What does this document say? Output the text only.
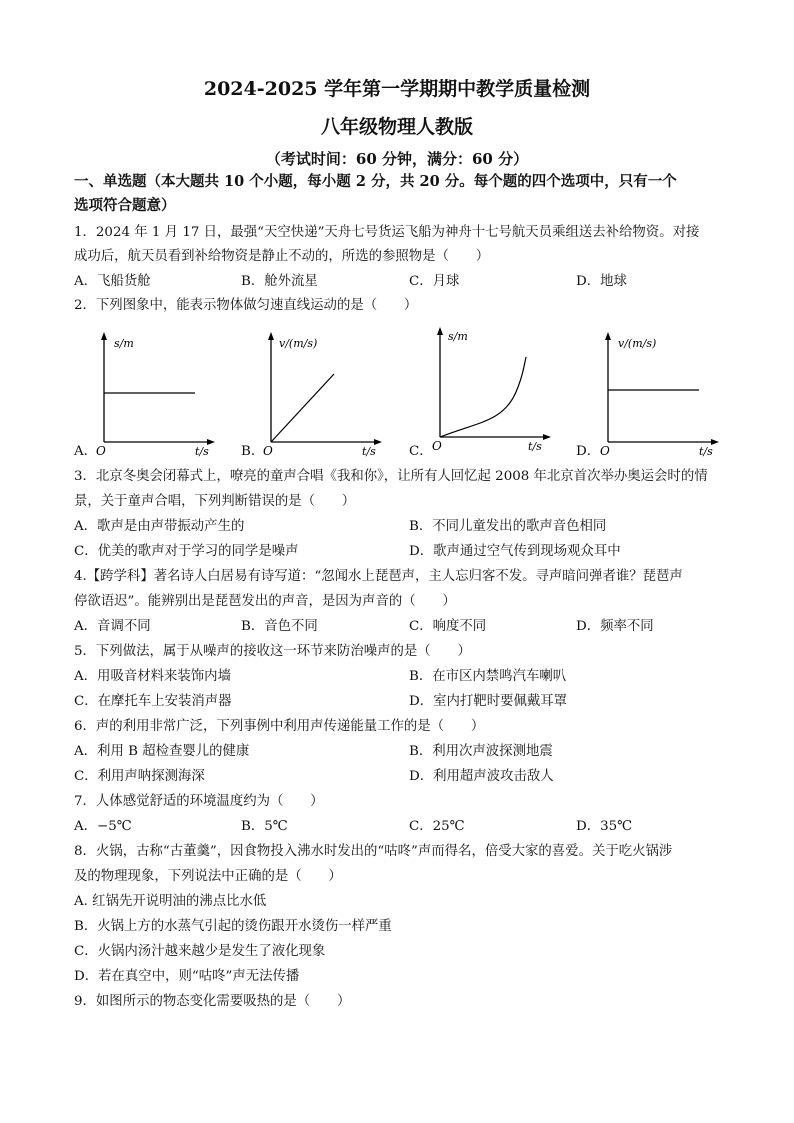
2024-2025 学年第一学期期中教学质量检测
八年级物理人教版
（考试时间：60 分钟，满分：60 分）
一、单选题（本大题共 10 个小题，每小题 2 分，共 20 分。每个题的四个选项中，只有一个
选项符合题意）
1．2024 年 1 月 17 日，最强“天空快递”天舟七号货运飞船为神舟十七号航天员乘组送去补给物资。对接
成功后，航天员看到补给物资是静止不动的，所选的参照物是（　　）
A．飞船货舱	B．舱外流星	C．月球	D．地球
2．下列图象中，能表示物体做匀速直线运动的是（　　）
A．
s/m
t/s
O	B．
v/(m/s)
t/s
O	C．
s/m
t/s
O	D．
v/(m/s)
t/s
O
3．北京冬奥会闭幕式上，嘹亮的童声合唱《我和你》，让所有人回忆起 2008 年北京首次举办奥运会时的情
景，关于童声合唱，下列判断错误的是（　　）
A．歌声是由声带振动产生的	B．不同儿童发出的歌声音色相同
C．优美的歌声对于学习的同学是噪声	D．歌声通过空气传到现场观众耳中
4.【跨学科】著名诗人白居易有诗写道：“忽闻水上琵琶声，主人忘归客不发。寻声暗问弹者谁？琵琶声
停欲语迟”。能辨别出是琵琶发出的声音，是因为声音的（　　）
A．音调不同	B．音色不同	C．响度不同	D．频率不同
5．下列做法，属于从噪声的接收这一环节来防治噪声的是（　　）
A．用吸音材料来装饰内墙	B．在市区内禁鸣汽车喇叭
C．在摩托车上安装消声器	D．室内打靶时要佩戴耳罩
6．声的利用非常广泛，下列事例中利用声传递能量工作的是（　　）
A．利用 B 超检查婴儿的健康	B．利用次声波探测地震
C．利用声呐探测海深	D．利用超声波攻击敌人
7．人体感觉舒适的环境温度约为（　　）
A．−5℃	B．5℃	C．25℃	D．35℃
8．火锅，古称“古董羹”，因食物投入沸水时发出的“咕咚”声而得名，倍受大家的喜爱。关于吃火锅涉
及的物理现象，下列说法中正确的是（　　）
A. 红锅先开说明油的沸点比水低
B．火锅上方的水蒸气引起的烫伤跟开水烫伤一样严重
C．火锅内汤汁越来越少是发生了液化现象
D．若在真空中，则“咕咚”声无法传播
9．如图所示的物态变化需要吸热的是（　　）
